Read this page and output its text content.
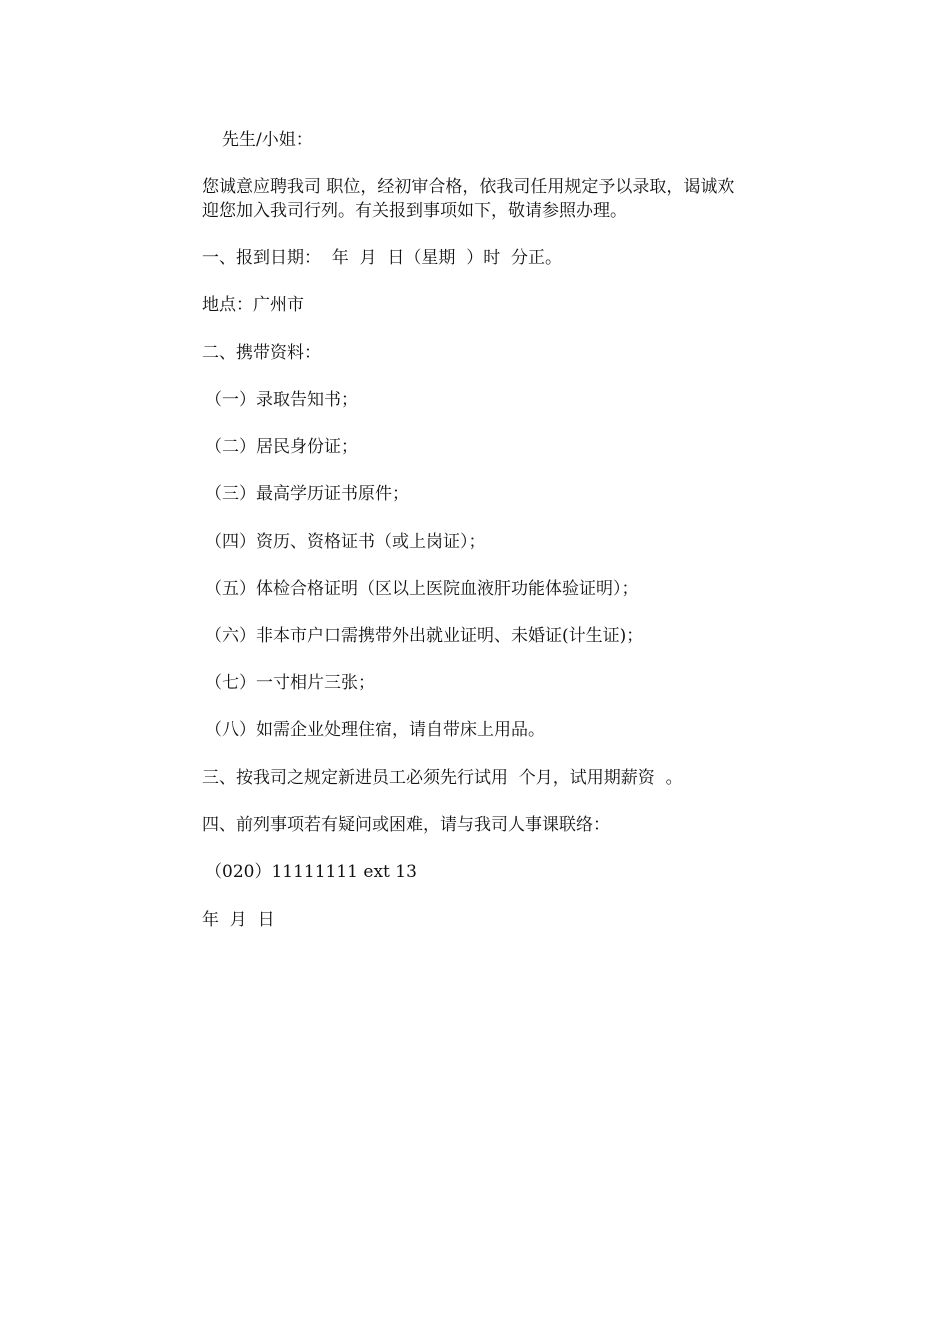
先生/小姐：
您诚意应聘我司 职位，经初审合格，依我司任用规定予以录取，谒诚欢
迎您加入我司行列。有关报到事项如下，敬请参照办理。
一、报到日期：  年  月  日（星期  ）时  分正。
地点：广州市
二、携带资料：
（一）录取告知书；
（二）居民身份证；
（三）最高学历证书原件；
（四）资历、资格证书（或上岗证）；
（五）体检合格证明（区以上医院血液肝功能体验证明）；
（六）非本市户口需携带外出就业证明、未婚证(计生证)；
（七）一寸相片三张；
（八）如需企业处理住宿，请自带床上用品。
三、按我司之规定新进员工必须先行试用  个月，试用期薪资  。
四、前列事项若有疑问或困难，请与我司人事课联络：
（020）11111111 ext 13
年  月  日
